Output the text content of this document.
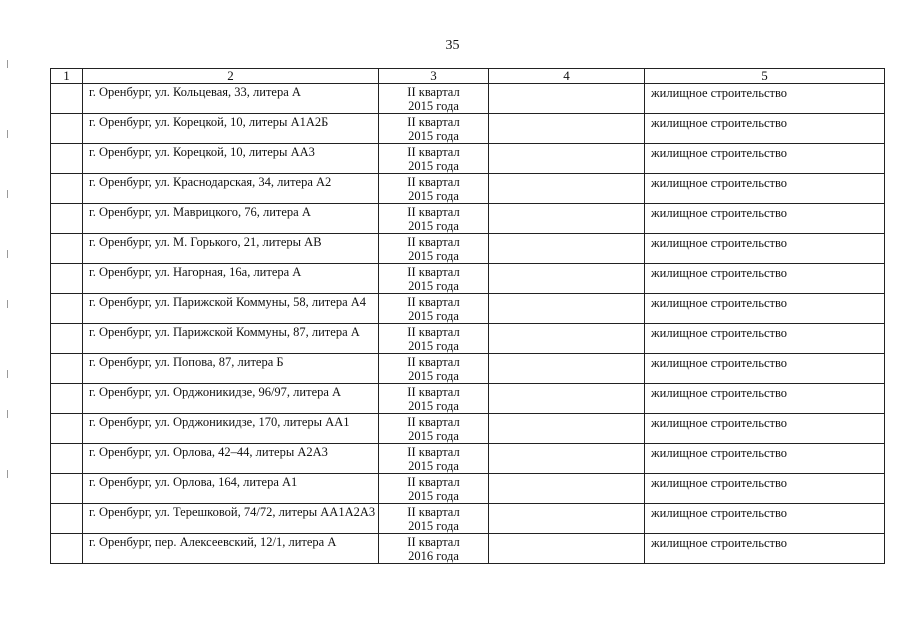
35
1	2	3	4	5

	г. Оренбург, ул. Кольцевая, 33, литера А	II квартал
2015 года		жилищное строительство

	г. Оренбург, ул. Корецкой, 10, литеры А1А2Б	II квартал
2015 года		жилищное строительство

	г. Оренбург, ул. Корецкой, 10, литеры АА3	II квартал
2015 года		жилищное строительство

	г. Оренбург, ул. Краснодарская, 34, литера А2	II квартал
2015 года		жилищное строительство

	г. Оренбург, ул. Маврицкого, 76, литера А	II квартал
2015 года		жилищное строительство

	г. Оренбург, ул. М. Горького, 21, литеры АВ	II квартал
2015 года		жилищное строительство

	г. Оренбург, ул. Нагорная, 16а, литера А	II квартал
2015 года		жилищное строительство

	г. Оренбург, ул. Парижской Коммуны, 58, литера А4	II квартал
2015 года		жилищное строительство

	г. Оренбург, ул. Парижской Коммуны, 87, литера А	II квартал
2015 года		жилищное строительство

	г. Оренбург, ул. Попова, 87, литера Б	II квартал
2015 года		жилищное строительство

	г. Оренбург, ул. Орджоникидзе, 96/97, литера А	II квартал
2015 года		жилищное строительство

	г. Оренбург, ул. Орджоникидзе, 170, литеры АА1	II квартал
2015 года		жилищное строительство

	г. Оренбург, ул. Орлова, 42–44, литеры А2А3	II квартал
2015 года		жилищное строительство

	г. Оренбург, ул. Орлова, 164, литера А1	II квартал
2015 года		жилищное строительство

	г. Оренбург, ул. Терешковой, 74/72, литеры АА1А2А3	II квартал
2015 года		жилищное строительство

	г. Оренбург, пер. Алексеевский, 12/1, литера А	II квартал
2016 года		жилищное строительство
